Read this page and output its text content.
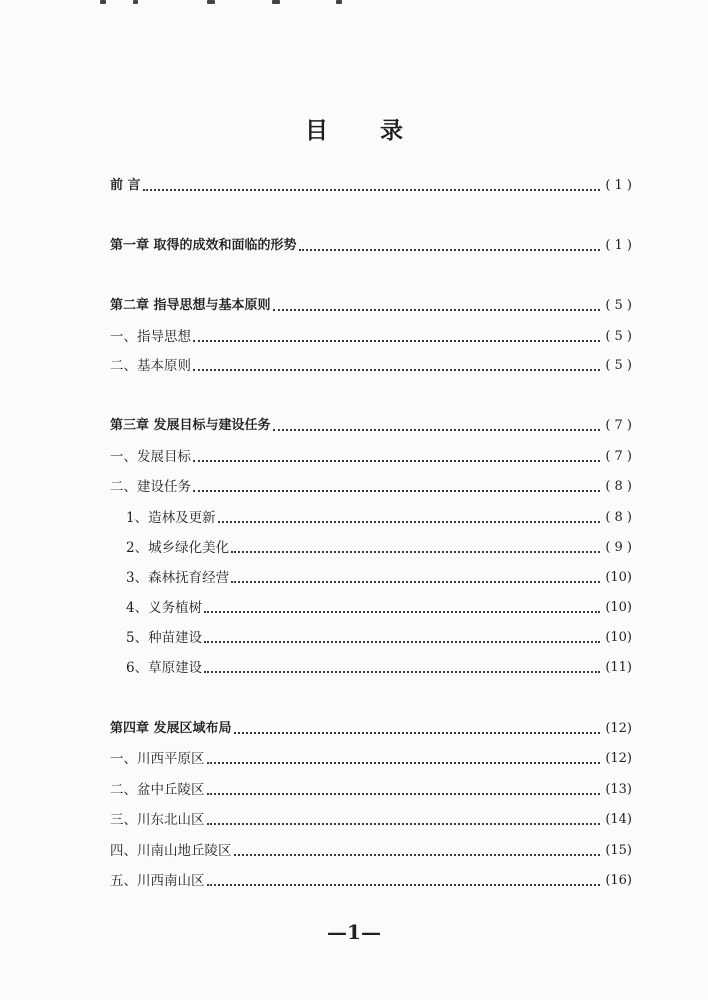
目 录
前 言	( 1 )
第一章 取得的成效和面临的形势	( 1 )
第二章 指导思想与基本原则	( 5 )
一、指导思想	( 5 )
二、基本原则	( 5 )
第三章 发展目标与建设任务	( 7 )
一、发展目标	( 7 )
二、建设任务	( 8 )
1、造林及更新	( 8 )
2、城乡绿化美化	( 9 )
3、森林抚育经营	(10)
4、义务植树	(10)
5、种苗建设	(10)
6、草原建设	(11)
第四章 发展区域布局	(12)
一、川西平原区	(12)
二、盆中丘陵区	(13)
三、川东北山区	(14)
四、川南山地丘陵区	(15)
五、川西南山区	(16)
—1—
